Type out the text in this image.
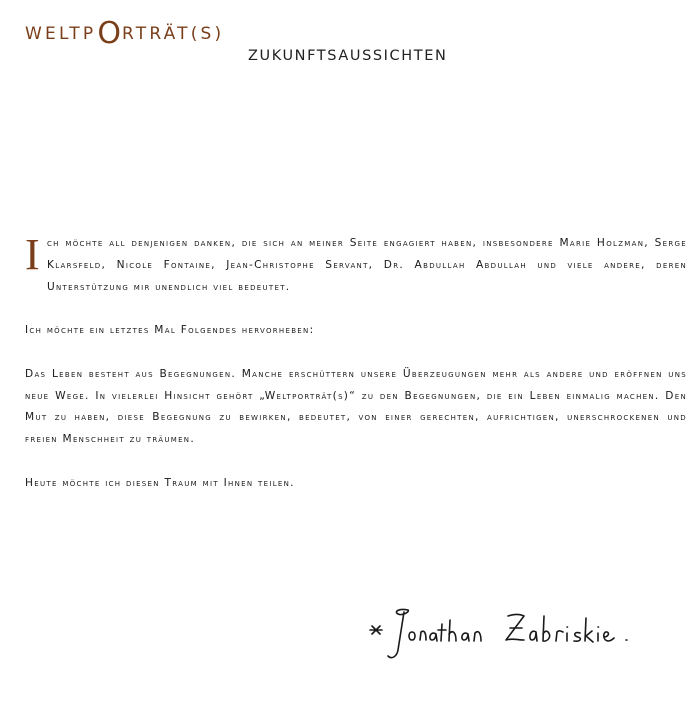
WELTP O RTRÄT(S)
ZUKUNFTSAUSSICHTEN

Ich möchte all denjenigen danken, die sich an meiner Seite engagiert haben, insbesondere Marie Holzman, Serge Klarsfeld, Nicole Fontaine, Jean-Christophe Servant, Dr. Abdullah Abdullah und viele andere, deren Unterstützung mir unendlich viel bedeutet.

Ich möchte ein letztes Mal Folgendes hervorheben:

Das Leben besteht aus Begegnungen. Manche erschüttern unsere Überzeugungen mehr als andere und eröffnen uns neue Wege. In vielerlei Hinsicht gehört „Weltporträt(s)“ zu den Begegnungen, die ein Leben einmalig machen. Den Mut zu haben, diese Begegnung zu bewirken, bedeutet, von einer gerechten, aufrichtigen, unerschrockenen und freien Menschheit zu träumen.

Heute möchte ich diesen Traum mit Ihnen teilen.
